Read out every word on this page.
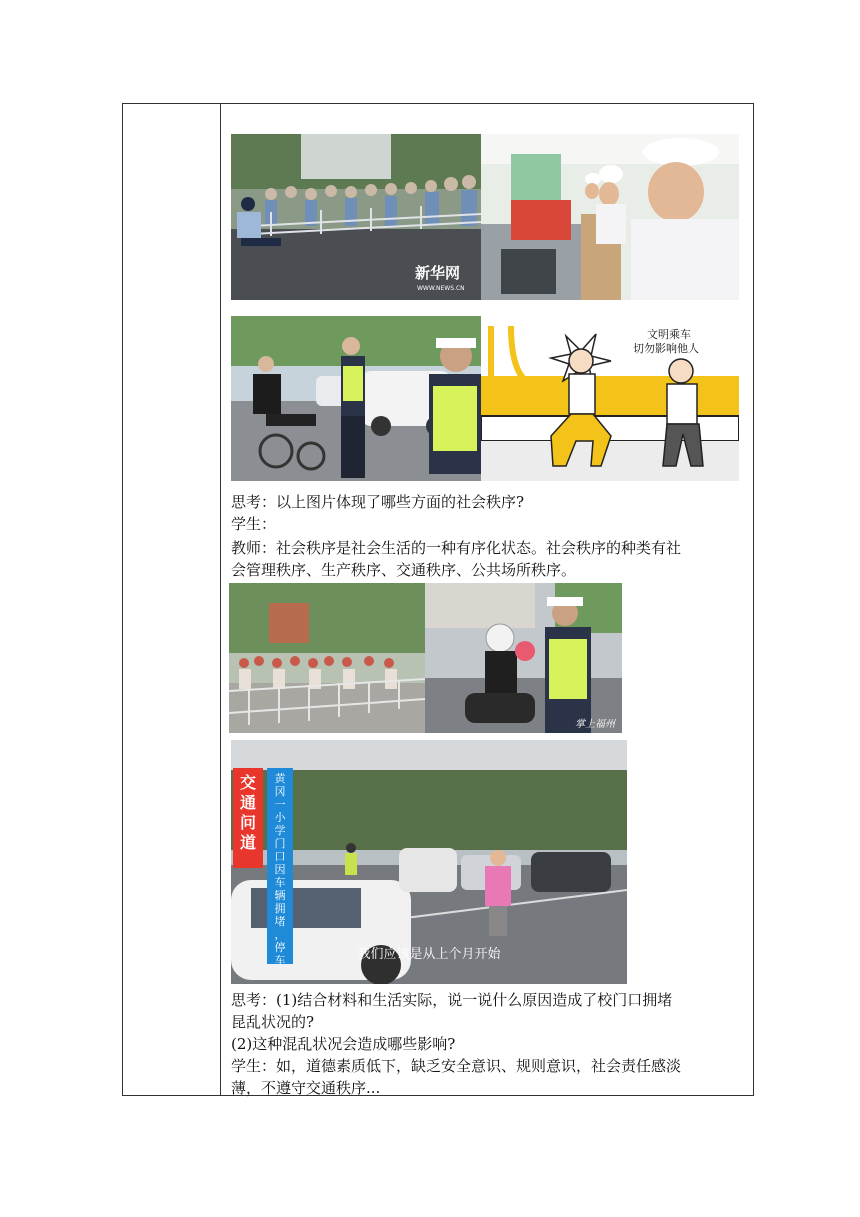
新华网
WWW.NEWS.CN
文明乘车 切勿影响他人
思考：以上图片体现了哪些方面的社会秩序?
学生：
教师：社会秩序是社会生活的一种有序化状态。社会秩序的种类有社
会管理秩序、生产秩序、交通秩序、公共场所秩序。
掌上福州
交通问道
黄冈一小学门口因车辆拥堵，停车	我们应该是从上个月开始
思考：(1)结合材料和生活实际，说一说什么原因造成了校门口拥堵
昆乱状况的?
(2)这种混乱状况会造成哪些影响?
学生：如，道德素质低下，缺乏安全意识、规则意识，社会责任感淡
薄，不遵守交通秩序...
